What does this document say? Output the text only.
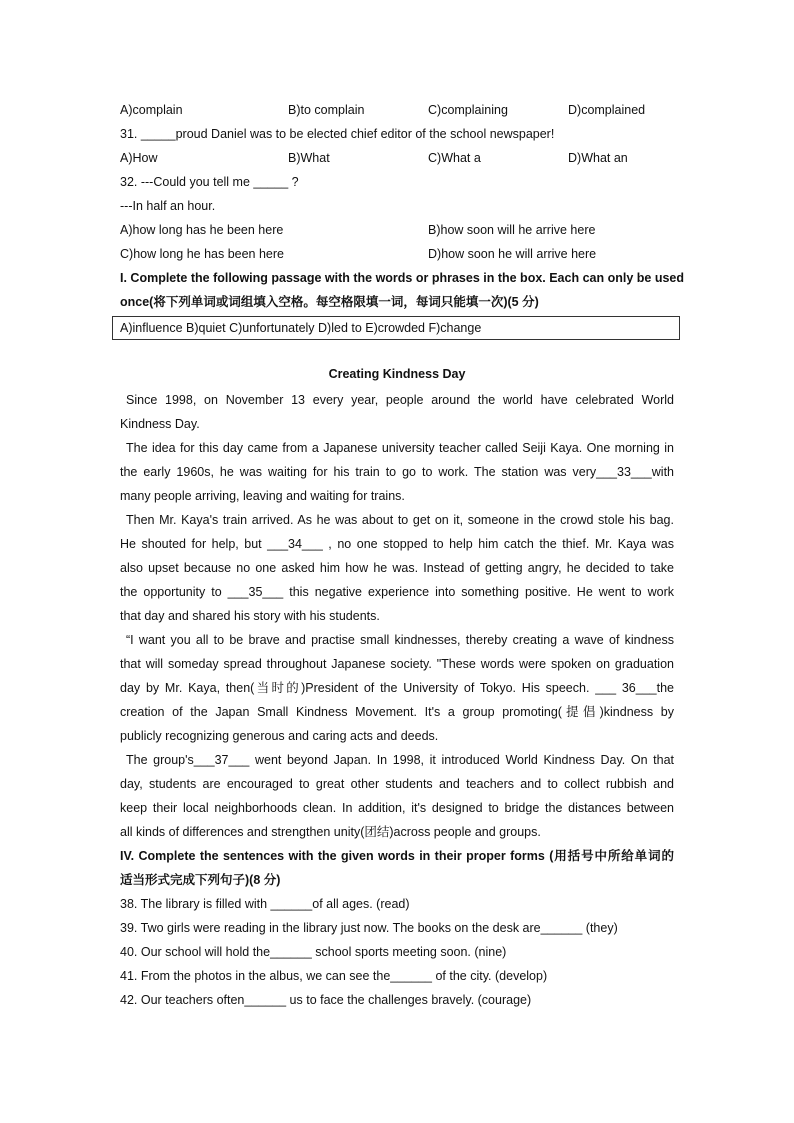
A)complain	B)to complain	C)complaining	D)complained
31. _____proud Daniel was to be elected chief editor of the school newspaper!
A)How	B)What	C)What a	D)What an
32. ---Could you tell me _____ ?
---In half an hour.
A)how long has he been here	B)how soon will he arrive here
C)how long he has been here	D)how soon he will arrive here
I. Complete the following passage with the words or phrases in the box. Each can only be used
once(将下列单词或词组填入空格。每空格限填一词，每词只能填一次)(5 分)
A)influence B)quiet C)unfortunately D)led to E)crowded F)change
Creating Kindness Day
Since 1998, on November 13 every year, people around the world have celebrated World
Kindness Day.
The idea for this day came from a Japanese university teacher called Seiji Kaya. One morning in
the early 1960s, he was waiting for his train to go to work. The station was very___33___with
many people arriving, leaving and waiting for trains.
Then Mr. Kaya's train arrived. As he was about to get on it, someone in the crowd stole his bag.
He shouted for help, but ___34___ , no one stopped to help him catch the thief. Mr. Kaya was
also upset because no one asked him how he was. Instead of getting angry, he decided to take
the opportunity to ___35___ this negative experience into something positive. He went to work
that day and shared his story with his students.
“I want you all to be brave and practise small kindnesses, thereby creating a wave of kindness
that will someday spread throughout Japanese society. "These words were spoken on graduation
day by Mr. Kaya, then(当时的)President of the University of Tokyo. His speech. ___ 36___the
creation of the Japan Small Kindness Movement. It's a group promoting(提倡)kindness by
publicly recognizing generous and caring acts and deeds.
The group's___37___ went beyond Japan. In 1998, it introduced World Kindness Day. On that
day, students are encouraged to great other students and teachers and to collect rubbish and
keep their local neighborhoods clean. In addition, it's designed to bridge the distances between
all kinds of differences and strengthen unity(团结)across people and groups.
IV. Complete the sentences with the given words in their proper forms (用括号中所给单词的
适当形式完成下列句子)(8 分)
38. The library is filled with ______of all ages. (read)
39. Two girls were reading in the library just now. The books on the desk are______ (they)
40. Our school will hold the______ school sports meeting soon. (nine)
41. From the photos in the albus, we can see the______ of the city. (develop)
42. Our teachers often______ us to face the challenges bravely. (courage)
